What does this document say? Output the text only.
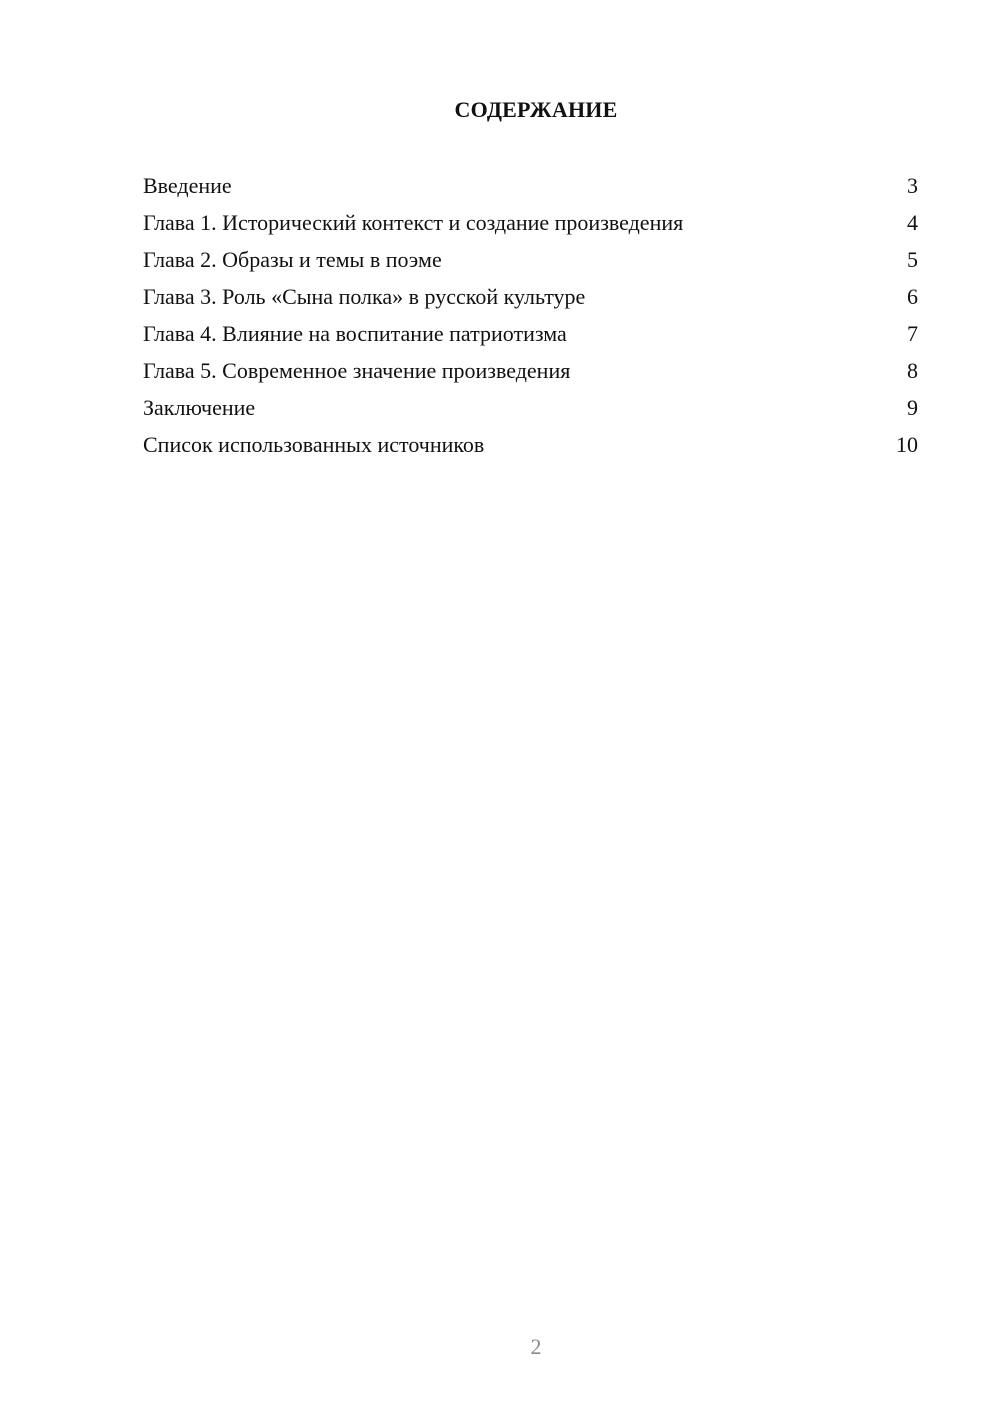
СОДЕРЖАНИЕ
Введение	3
Глава 1. Исторический контекст и создание произведения	4
Глава 2. Образы и темы в поэме	5
Глава 3. Роль «Сына полка» в русской культуре	6
Глава 4. Влияние на воспитание патриотизма	7
Глава 5. Современное значение произведения	8
Заключение	9
Список использованных источников	10
2
